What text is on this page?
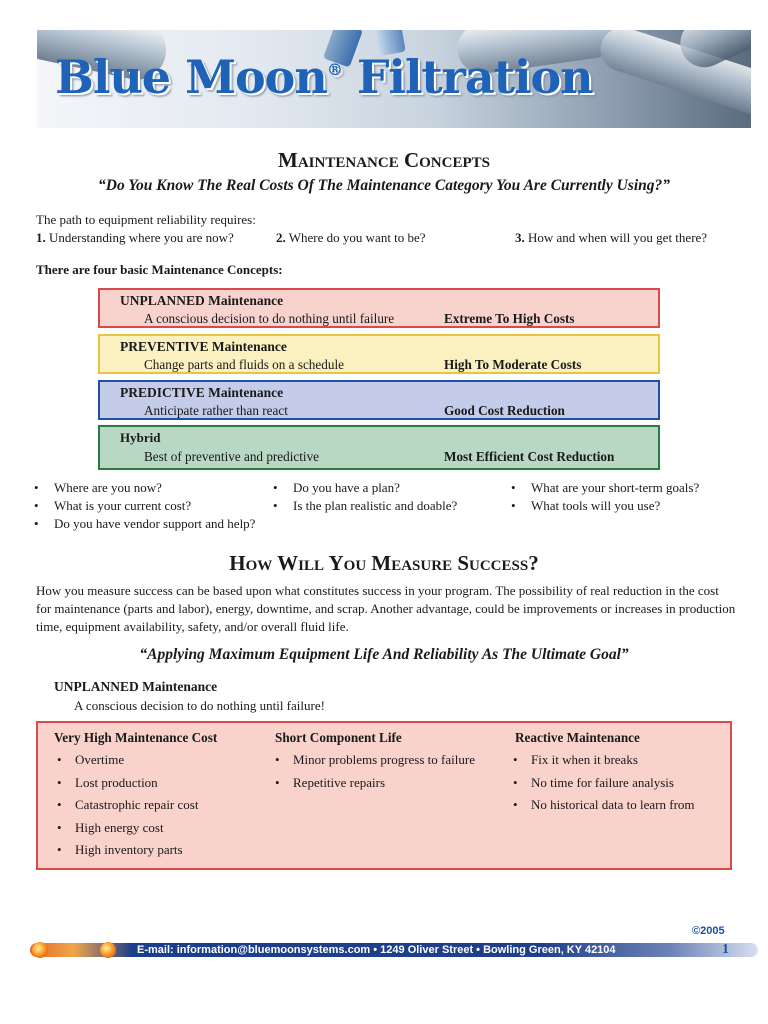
Blue Moon® Filtration
Maintenance Concepts
“Do You Know The Real Costs Of The Maintenance Category You Are Currently Using?”
The path to equipment reliability requires:
1. Understanding where you are now?	2. Where do you want to be?	3. How and when will you get there?
There are four basic Maintenance Concepts:
UNPLANNED Maintenance
A conscious decision to do nothing until failure	Extreme To High Costs
PREVENTIVE Maintenance
Change parts and fluids on a schedule	High To Moderate Costs
PREDICTIVE Maintenance
Anticipate rather than react	Good Cost Reduction
Hybrid
Best of preventive and predictive	Most Efficient Cost Reduction
• Where are you now?
• What is your current cost?
• Do you have vendor support and help?
• Do you have a plan?
• Is the plan realistic and doable?
• What are your short-term goals?
• What tools will you use?
How Will You Measure Success?
How you measure success can be based upon what constitutes success in your program. The possibility of real reduction in the cost for maintenance (parts and labor), energy, downtime, and scrap. Another advantage, could be improvements or increases in production time, equipment availability, safety, and/or overall fluid life.
“Applying Maximum Equipment Life And Reliability As The Ultimate Goal”
UNPLANNED Maintenance
A conscious decision to do nothing until failure!
Very High Maintenance Cost
• Overtime
• Lost production
• Catastrophic repair cost
• High energy cost
• High inventory parts
Short Component Life
• Minor problems progress to failure
• Repetitive repairs
Reactive Maintenance
• Fix it when it breaks
• No time for failure analysis
• No historical data to learn from
©2005
E-mail: information@bluemoonsystems.com • 1249 Oliver Street • Bowling Green, KY 42104	1
